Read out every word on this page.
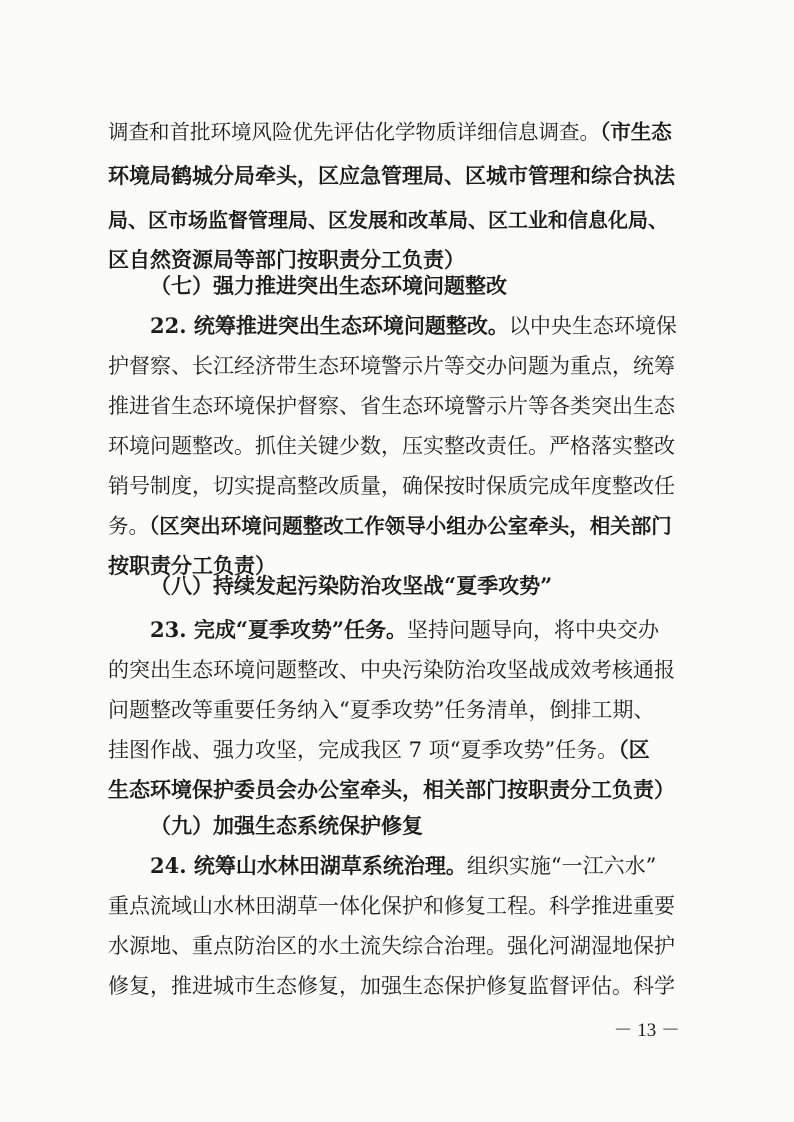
调查和首批环境风险优先评估化学物质详细信息调查。（市生态
环境局鹤城分局牵头，区应急管理局、区城市管理和综合执法
局、区市场监督管理局、区发展和改革局、区工业和信息化局、
区自然资源局等部门按职责分工负责）
（七）强力推进突出生态环境问题整改
22. 统筹推进突出生态环境问题整改。以中央生态环境保
护督察、长江经济带生态环境警示片等交办问题为重点，统筹
推进省生态环境保护督察、省生态环境警示片等各类突出生态
环境问题整改。抓住关键少数，压实整改责任。严格落实整改
销号制度，切实提高整改质量，确保按时保质完成年度整改任
务。（区突出环境问题整改工作领导小组办公室牵头，相关部门
按职责分工负责）
（八）持续发起污染防治攻坚战“夏季攻势”
23. 完成“夏季攻势”任务。坚持问题导向，将中央交办
的突出生态环境问题整改、中央污染防治攻坚战成效考核通报
问题整改等重要任务纳入“夏季攻势”任务清单，倒排工期、
挂图作战、强力攻坚，完成我区 7 项“夏季攻势”任务。（区
生态环境保护委员会办公室牵头，相关部门按职责分工负责）
（九）加强生态系统保护修复
24. 统筹山水林田湖草系统治理。组织实施“一江六水”
重点流域山水林田湖草一体化保护和修复工程。科学推进重要
水源地、重点防治区的水土流失综合治理。强化河湖湿地保护
修复，推进城市生态修复，加强生态保护修复监督评估。科学
－ 13 －
